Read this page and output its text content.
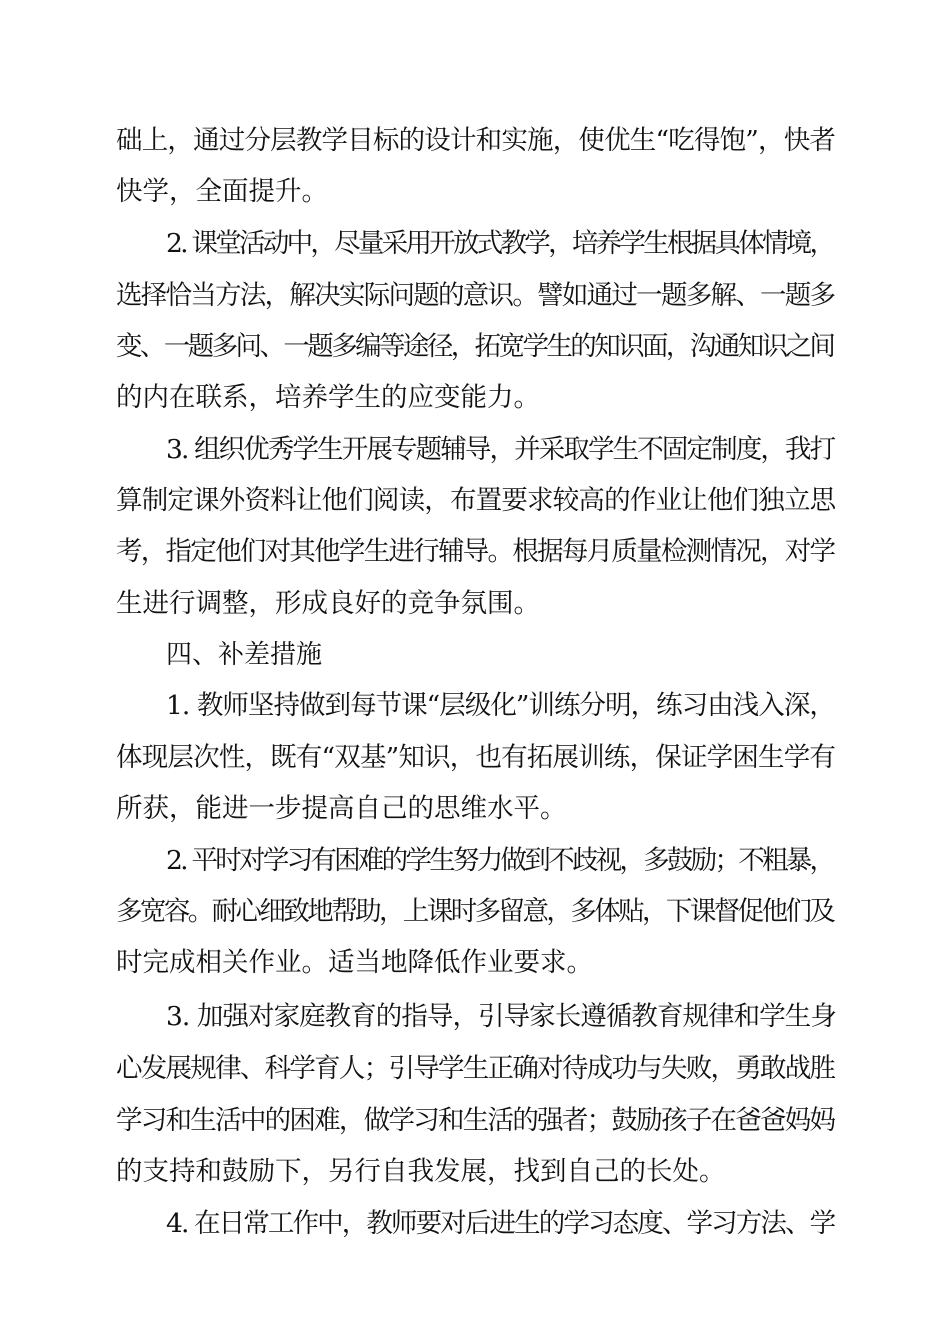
础上，通过分层教学目标的设计和实施，使优生“吃得饱”，快者
快学，全面提升。
2. 课堂活动中，尽量采用开放式教学，培养学生根据具体情境，
选择恰当方法，解决实际问题的意识。譬如通过一题多解、一题多
变、一题多问、一题多编等途径，拓宽学生的知识面，沟通知识之间
的内在联系，培养学生的应变能力。
3. 组织优秀学生开展专题辅导，并采取学生不固定制度，我打
算制定课外资料让他们阅读，布置要求较高的作业让他们独立思
考，指定他们对其他学生进行辅导。根据每月质量检测情况，对学
生进行调整，形成良好的竞争氛围。
四、补差措施
1. 教师坚持做到每节课“层级化”训练分明，练习由浅入深，
体现层次性，既有“双基”知识，也有拓展训练，保证学困生学有
所获，能进一步提高自己的思维水平。
2. 平时对学习有困难的学生努力做到不歧视，多鼓励；不粗暴，
多宽容。耐心细致地帮助，上课时多留意，多体贴，下课督促他们及
时完成相关作业。适当地降低作业要求。
3. 加强对家庭教育的指导，引导家长遵循教育规律和学生身
心发展规律、科学育人；引导学生正确对待成功与失败，勇敢战胜
学习和生活中的困难，做学习和生活的强者；鼓励孩子在爸爸妈妈
的支持和鼓励下，另行自我发展，找到自己的长处。
4. 在日常工作中，教师要对后进生的学习态度、学习方法、学
